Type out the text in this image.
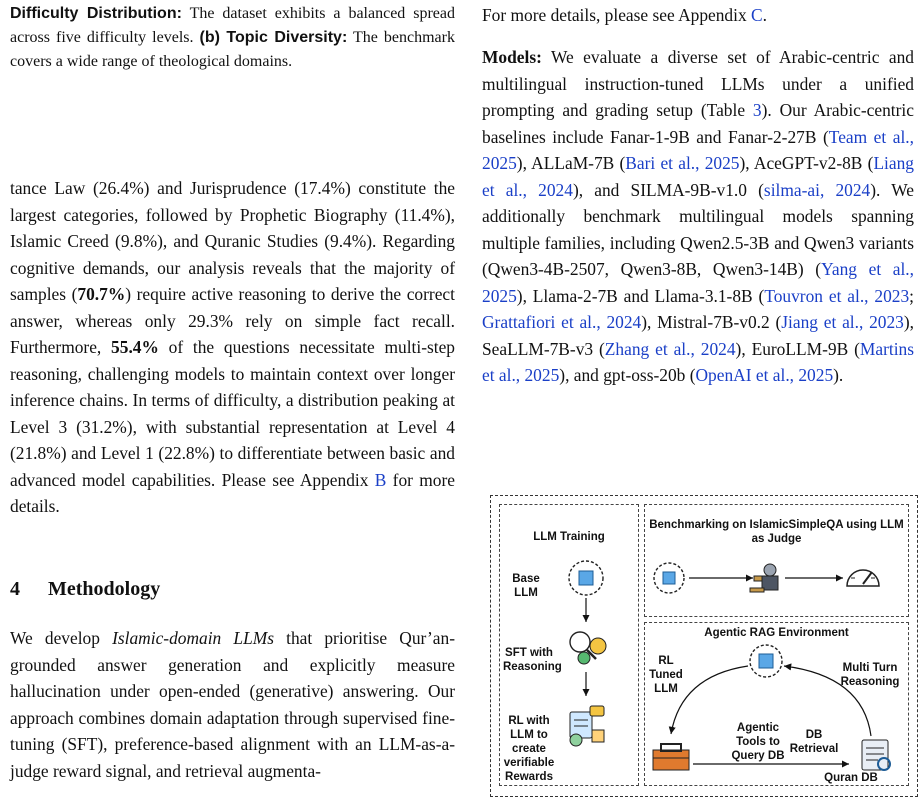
Difficulty Distribution: The dataset exhibits a balanced spread across five difficulty levels. (b) Topic Diversity: The benchmark covers a wide range of theological domains.

tance Law (26.4%) and Jurisprudence (17.4%) constitute the largest categories, followed by Prophetic Biography (11.4%), Islamic Creed (9.8%), and Quranic Studies (9.4%). Regarding cognitive demands, our analysis reveals that the majority of samples (70.7%) require active reasoning to derive the correct answer, whereas only 29.3% rely on simple fact recall. Furthermore, 55.4% of the questions necessitate multi-step reasoning, challenging models to maintain context over longer inference chains. In terms of difficulty, a distribution peaking at Level 3 (31.2%), with substantial representation at Level 4 (21.8%) and Level 1 (22.8%) to differentiate between basic and advanced model capabilities. Please see Appendix B for more details.

4 Methodology

We develop Islamic-domain LLMs that prioritise Qur’an-grounded answer generation and explicitly measure hallucination under open-ended (generative) answering. Our approach combines domain adaptation through supervised fine-tuning (SFT), preference-based alignment with an LLM-as-a-judge reward signal, and retrieval augmenta-

For more details, please see Appendix C.

Models: We evaluate a diverse set of Arabic-centric and multilingual instruction-tuned LLMs under a unified prompting and grading setup (Table 3). Our Arabic-centric baselines include Fanar-1-9B and Fanar-2-27B (Team et al., 2025), ALLaM-7B (Bari et al., 2025), AceGPT-v2-8B (Liang et al., 2024), and SILMA-9B-v1.0 (silma-ai, 2024). We additionally benchmark multilingual models spanning multiple families, including Qwen2.5-3B and Qwen3 variants (Qwen3-4B-2507, Qwen3-8B, Qwen3-14B) (Yang et al., 2025), Llama-2-7B and Llama-3.1-8B (Touvron et al., 2023; Grattafiori et al., 2024), Mistral-7B-v0.2 (Jiang et al., 2023), SeaLLM-7B-v3 (Zhang et al., 2024), EuroLLM-9B (Martins et al., 2025), and gpt-oss-20b (OpenAI et al., 2025).

LLM Training
Base LLM
SFT with Reasoning
RL with LLM to create verifiable Rewards
Benchmarking on IslamicSimpleQA using LLM as Judge
Agentic RAG Environment
RL Tuned LLM
Multi Turn Reasoning
Agentic Tools to Query DB
DB Retrieval
Quran DB
